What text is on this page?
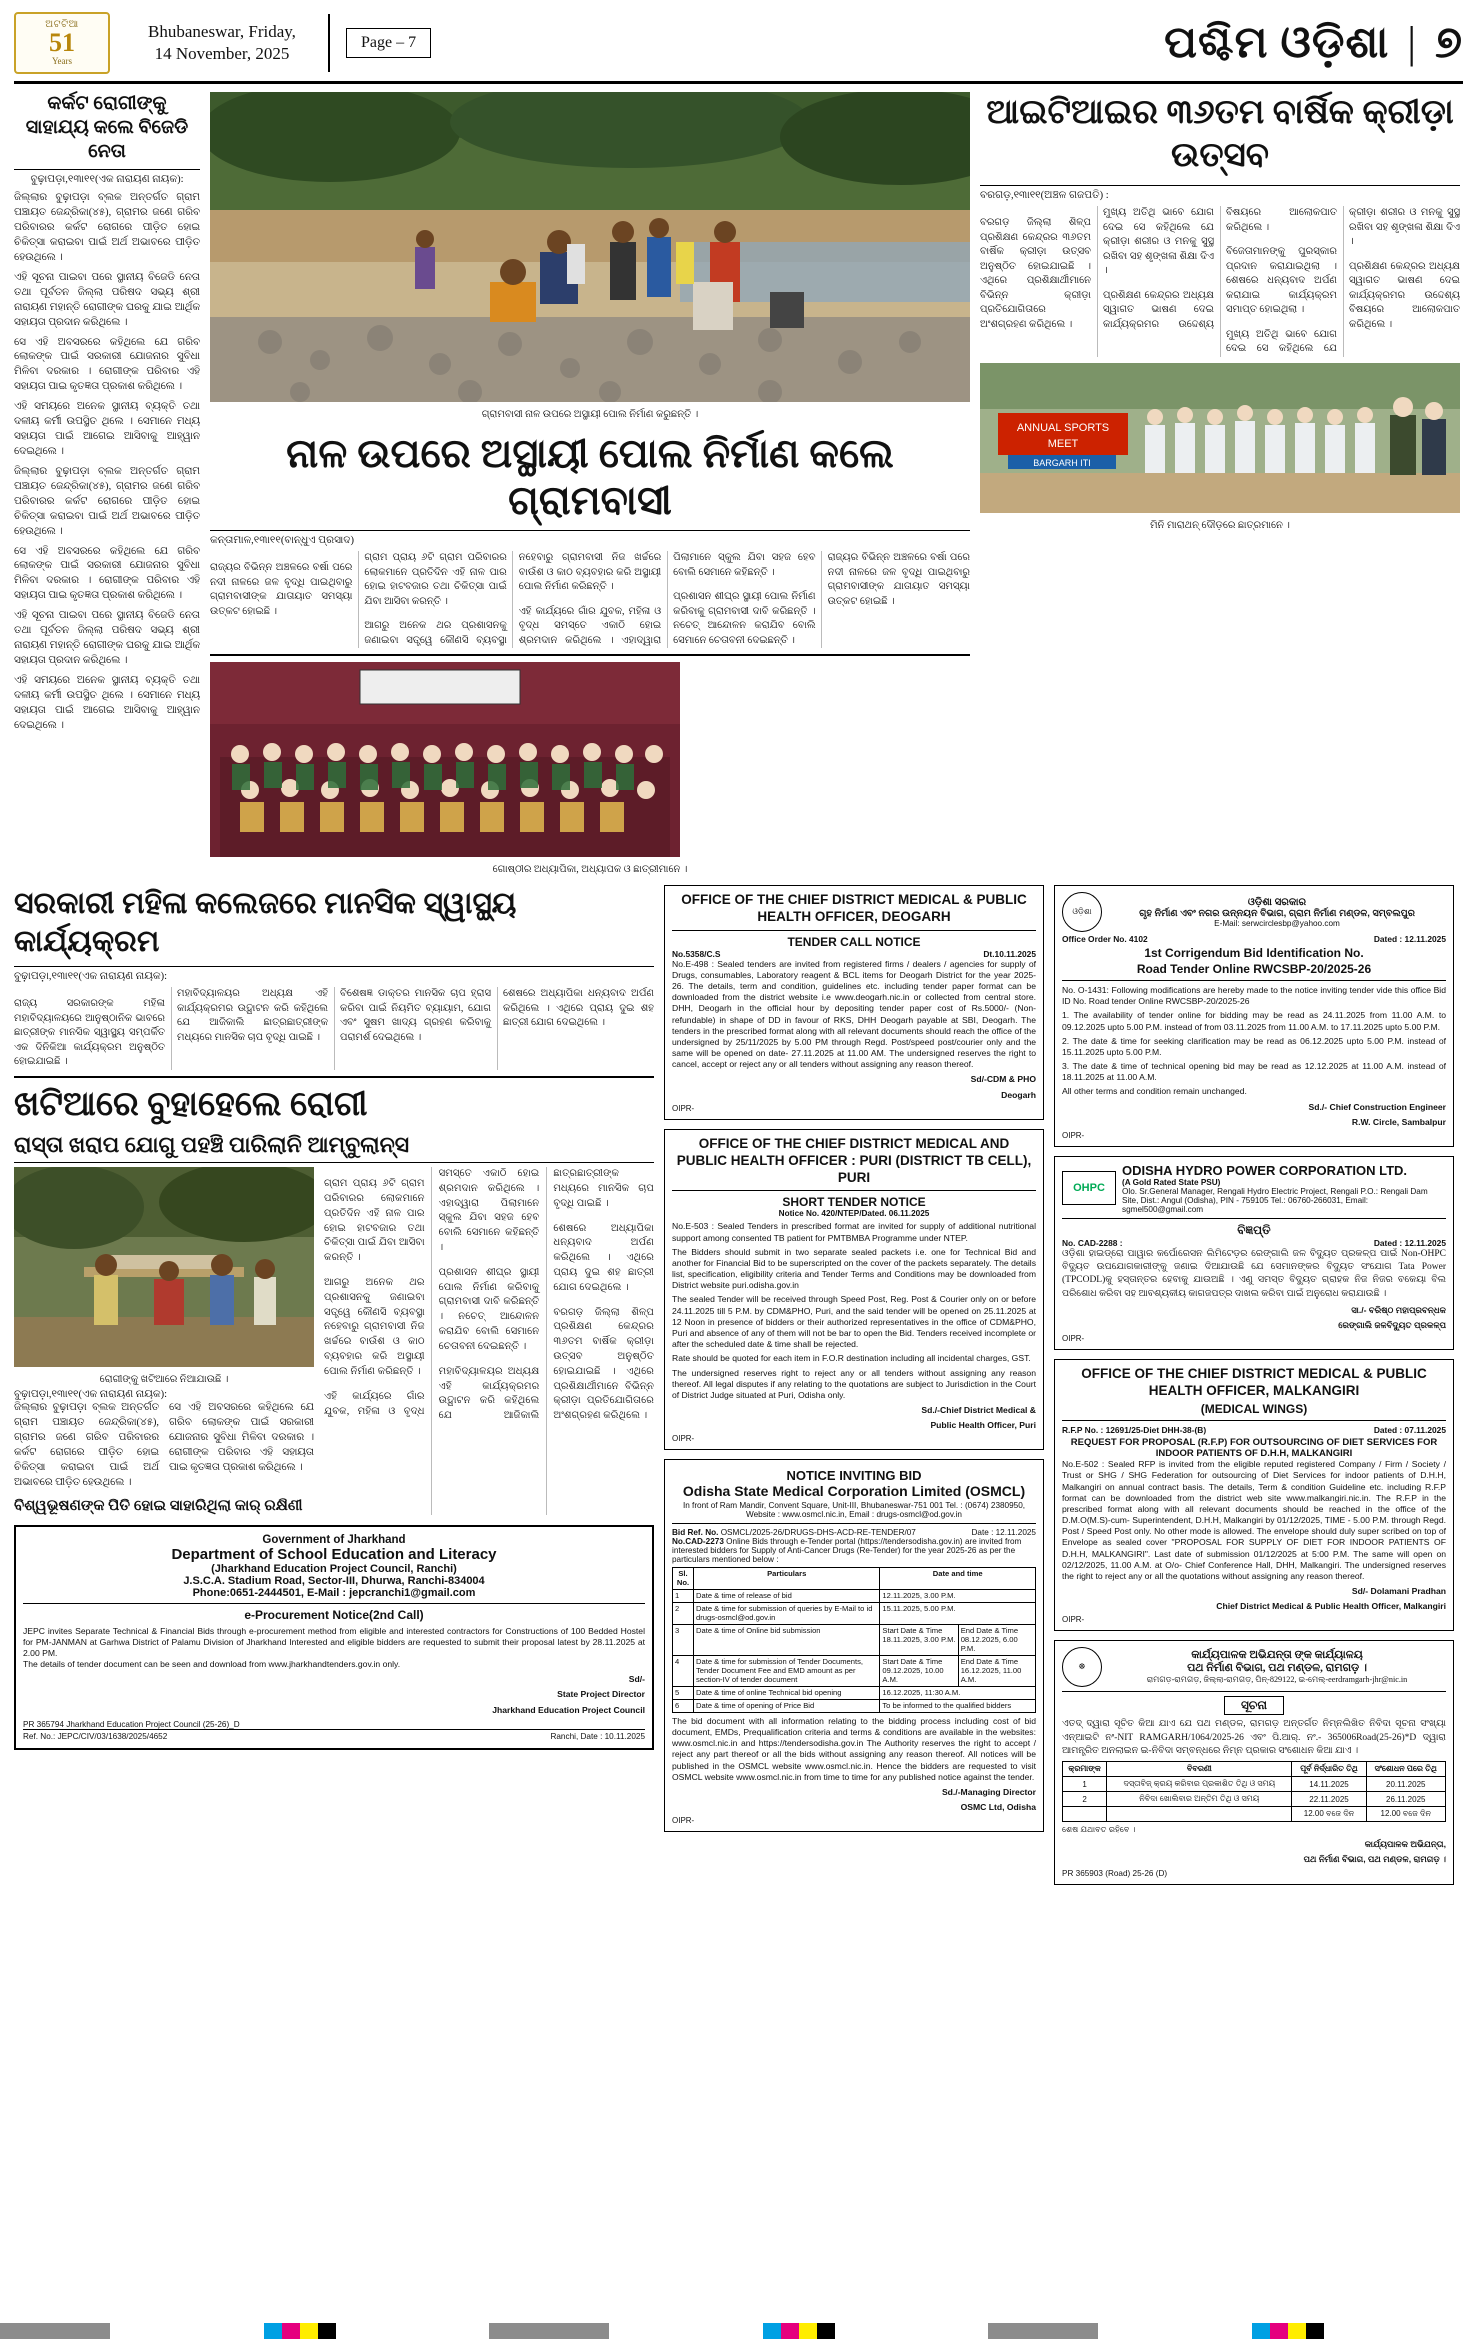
ଅଟଟିଆ
51
Years
Bhubaneswar, Friday,
14 November, 2025
Page – 7	ପଶ୍ଚିମ ଓଡ଼ିଶା | ୭
କର୍କଟ ରୋଗୀଙ୍କୁ ସାହାଯ୍ୟ କଲେ ବିଜେଡି ନେତା
ବୁଢ଼ାପଡ଼ା,୧୩ା୧୧(ଏକ ନାରାୟଣ ନାୟକ):

ଜିଲ୍ଲାର ବୁଢ଼ାପଡ଼ା ବ୍ଲକ ଅନ୍ତର୍ଗତ ଗ୍ରାମ ପଞ୍ଚାୟତ ଜେନ୍ଦ୍ରିକା(୪୫), ଗ୍ରାମର ଜଣେ ଗରିବ ପରିବାରର କର୍କଟ ରୋଗରେ ପୀଡ଼ିତ ହୋଇ ଚିକିତ୍ସା କରାଇବା ପାଇଁ ଅର୍ଥ ଅଭାବରେ ପୀଡ଼ିତ ହେଉଥିଲେ ।

ଏହି ସୂଚନା ପାଇବା ପରେ ସ୍ଥାନୀୟ ବିଜେଡି ନେତା ତଥା ପୂର୍ବତନ ଜିଲ୍ଲା ପରିଷଦ ସଭ୍ୟ ଶ୍ରୀ ନାରାୟଣ ମହାନ୍ତି ରୋଗୀଙ୍କ ଘରକୁ ଯାଇ ଆର୍ଥିକ ସହାୟତା ପ୍ରଦାନ କରିଥିଲେ ।

ସେ ଏହି ଅବସରରେ କହିଥିଲେ ଯେ ଗରିବ ଲୋକଙ୍କ ପାଇଁ ସରକାରୀ ଯୋଜନାର ସୁବିଧା ମିଳିବା ଦରକାର । ରୋଗୀଙ୍କ ପରିବାର ଏହି ସହାୟତା ପାଇ କୃତଜ୍ଞତା ପ୍ରକାଶ କରିଥିଲେ ।

ଏହି ସମୟରେ ଅନେକ ସ୍ଥାନୀୟ ବ୍ୟକ୍ତି ତଥା ଦଳୀୟ କର୍ମୀ ଉପସ୍ଥିତ ଥିଲେ । ସେମାନେ ମଧ୍ୟ ସହାୟତା ପାଇଁ ଆଗେଇ ଆସିବାକୁ ଆହ୍ୱାନ ଦେଇଥିଲେ ।

ଜିଲ୍ଲାର ବୁଢ଼ାପଡ଼ା ବ୍ଲକ ଅନ୍ତର୍ଗତ ଗ୍ରାମ ପଞ୍ଚାୟତ ଜେନ୍ଦ୍ରିକା(୪୫), ଗ୍ରାମର ଜଣେ ଗରିବ ପରିବାରର କର୍କଟ ରୋଗରେ ପୀଡ଼ିତ ହୋଇ ଚିକିତ୍ସା କରାଇବା ପାଇଁ ଅର୍ଥ ଅଭାବରେ ପୀଡ଼ିତ ହେଉଥିଲେ ।

ସେ ଏହି ଅବସରରେ କହିଥିଲେ ଯେ ଗରିବ ଲୋକଙ୍କ ପାଇଁ ସରକାରୀ ଯୋଜନାର ସୁବିଧା ମିଳିବା ଦରକାର । ରୋଗୀଙ୍କ ପରିବାର ଏହି ସହାୟତା ପାଇ କୃତଜ୍ଞତା ପ୍ରକାଶ କରିଥିଲେ ।

ଏହି ସୂଚନା ପାଇବା ପରେ ସ୍ଥାନୀୟ ବିଜେଡି ନେତା ତଥା ପୂର୍ବତନ ଜିଲ୍ଲା ପରିଷଦ ସଭ୍ୟ ଶ୍ରୀ ନାରାୟଣ ମହାନ୍ତି ରୋଗୀଙ୍କ ଘରକୁ ଯାଇ ଆର୍ଥିକ ସହାୟତା ପ୍ରଦାନ କରିଥିଲେ ।

ଏହି ସମୟରେ ଅନେକ ସ୍ଥାନୀୟ ବ୍ୟକ୍ତି ତଥା ଦଳୀୟ କର୍ମୀ ଉପସ୍ଥିତ ଥିଲେ । ସେମାନେ ମଧ୍ୟ ସହାୟତା ପାଇଁ ଆଗେଇ ଆସିବାକୁ ଆହ୍ୱାନ ଦେଇଥିଲେ ।

ଗ୍ରାମବାସୀ ନାଳ ଉପରେ ଅସ୍ଥାୟୀ ପୋଲ ନିର୍ମାଣ କରୁଛନ୍ତି ।
ନାଳ ଉପରେ ଅସ୍ଥାୟୀ ପୋଲ ନିର୍ମାଣ କଲେ ଗ୍ରାମବାସୀ
କନ୍ତାମାଳ,୧୩ା୧୧(ବାନ୍ଧୁଏ ପ୍ରସାଦ)

ରାଜ୍ୟର ବିଭିନ୍ନ ଅଞ୍ଚଳରେ ବର୍ଷା ପରେ ନଦୀ ନାଳରେ ଜଳ ବୃଦ୍ଧି ପାଇଥିବାରୁ ଗ୍ରାମବାସୀଙ୍କ ଯାତାୟାତ ସମସ୍ୟା ଉତ୍କଟ ହୋଇଛି ।

ଗ୍ରାମ ପ୍ରାୟ ୬ଟି ଗ୍ରାମ ପରିବାରର ଲୋକମାନେ ପ୍ରତିଦିନ ଏହି ନାଳ ପାର ହୋଇ ହାଟବଜାର ତଥା ଚିକିତ୍ସା ପାଇଁ ଯିବା ଆସିବା କରନ୍ତି ।

ଆଗରୁ ଅନେକ ଥର ପ୍ରଶାସନକୁ ଜଣାଇବା ସତ୍ତ୍ୱେ କୌଣସି ବ୍ୟବସ୍ଥା ନହେବାରୁ ଗ୍ରାମବାସୀ ନିଜ ଖର୍ଚ୍ଚରେ ବାଉଁଶ ଓ କାଠ ବ୍ୟବହାର କରି ଅସ୍ଥାୟୀ ପୋଲ ନିର୍ମାଣ କରିଛନ୍ତି ।

ଏହି କାର୍ଯ୍ୟରେ ଗାଁର ଯୁବକ, ମହିଳା ଓ ବୃଦ୍ଧ ସମସ୍ତେ ଏକାଠି ହୋଇ ଶ୍ରମଦାନ କରିଥିଲେ । ଏହାଦ୍ୱାରା ପିଲାମାନେ ସ୍କୁଲ ଯିବା ସହଜ ହେବ ବୋଲି ସେମାନେ କହିଛନ୍ତି ।

ପ୍ରଶାସନ ଶୀଘ୍ର ସ୍ଥାୟୀ ପୋଲ ନିର୍ମାଣ କରିବାକୁ ଗ୍ରାମବାସୀ ଦାବି କରିଛନ୍ତି । ନଚେତ୍ ଆନ୍ଦୋଳନ କରାଯିବ ବୋଲି ସେମାନେ ଚେତାବନୀ ଦେଇଛନ୍ତି ।

ରାଜ୍ୟର ବିଭିନ୍ନ ଅଞ୍ଚଳରେ ବର୍ଷା ପରେ ନଦୀ ନାଳରେ ଜଳ ବୃଦ୍ଧି ପାଇଥିବାରୁ ଗ୍ରାମବାସୀଙ୍କ ଯାତାୟାତ ସମସ୍ୟା ଉତ୍କଟ ହୋଇଛି ।

ଗୋଷ୍ଠୀର ଅଧ୍ୟାପିକା, ଅଧ୍ୟାପକ ଓ ଛାତ୍ରୀମାନେ ।
ଆଇଟିଆଇର ୩୬ତମ ବାର୍ଷିକ କ୍ରୀଡ଼ା ଉତ୍ସବ
ବରଗଡ଼,୧୩ା୧୧(ଅଞ୍ଚଳ ଗଜପତି) :

ବରଗଡ଼ ଜିଲ୍ଲା ଶିଳ୍ପ ପ୍ରଶିକ୍ଷଣ କେନ୍ଦ୍ରର ୩୬ତମ ବାର୍ଷିକ କ୍ରୀଡ଼ା ଉତ୍ସବ ଅନୁଷ୍ଠିତ ହୋଇଯାଇଛି । ଏଥିରେ ପ୍ରଶିକ୍ଷାର୍ଥୀମାନେ ବିଭିନ୍ନ କ୍ରୀଡ଼ା ପ୍ରତିଯୋଗିତାରେ ଅଂଶଗ୍ରହଣ କରିଥିଲେ ।

ମୁଖ୍ୟ ଅତିଥି ଭାବେ ଯୋଗ ଦେଇ ସେ କହିଥିଲେ ଯେ କ୍ରୀଡ଼ା ଶରୀର ଓ ମନକୁ ସୁସ୍ଥ ରଖିବା ସହ ଶୃଙ୍ଖଳା ଶିକ୍ଷା ଦିଏ ।

ପ୍ରଶିକ୍ଷଣ କେନ୍ଦ୍ରର ଅଧ୍ୟକ୍ଷ ସ୍ୱାଗତ ଭାଷଣ ଦେଇ କାର୍ଯ୍ୟକ୍ରମର ଉଦ୍ଦେଶ୍ୟ ବିଷୟରେ ଆଲୋକପାତ କରିଥିଲେ ।

ବିଜେତାମାନଙ୍କୁ ପୁରସ୍କାର ପ୍ରଦାନ କରାଯାଇଥିଲା । ଶେଷରେ ଧନ୍ୟବାଦ ଅର୍ପଣ କରାଯାଇ କାର୍ଯ୍ୟକ୍ରମ ସମାପ୍ତ ହୋଇଥିଲା ।

ମୁଖ୍ୟ ଅତିଥି ଭାବେ ଯୋଗ ଦେଇ ସେ କହିଥିଲେ ଯେ କ୍ରୀଡ଼ା ଶରୀର ଓ ମନକୁ ସୁସ୍ଥ ରଖିବା ସହ ଶୃଙ୍ଖଳା ଶିକ୍ଷା ଦିଏ ।

ପ୍ରଶିକ୍ଷଣ କେନ୍ଦ୍ରର ଅଧ୍ୟକ୍ଷ ସ୍ୱାଗତ ଭାଷଣ ଦେଇ କାର୍ଯ୍ୟକ୍ରମର ଉଦ୍ଦେଶ୍ୟ ବିଷୟରେ ଆଲୋକପାତ କରିଥିଲେ ।

ANNUAL SPORTS
MEET
BARGARH ITI
ମିନି ମାରାଥନ୍ ଦୌଡ଼ରେ ଛାତ୍ରମାନେ ।
ସରକାରୀ ମହିଳା କଲେଜରେ ମାନସିକ ସ୍ୱାସ୍ଥ୍ୟ କାର୍ଯ୍ୟକ୍ରମ
ବୁଢ଼ାପଡ଼ା,୧୩ା୧୧(ଏକ ନାରାୟଣ ନାୟକ):

ରାଜ୍ୟ ସରକାରଙ୍କ ମହିଳା ମହାବିଦ୍ୟାଳୟରେ ଆନୁଷ୍ଠାନିକ ଭାବରେ ଛାତ୍ରୀଙ୍କ ମାନସିକ ସ୍ୱାସ୍ଥ୍ୟ ସମ୍ପର୍କିତ ଏକ ଦିନିକିଆ କାର୍ଯ୍ୟକ୍ରମ ଅନୁଷ୍ଠିତ ହୋଇଯାଇଛି ।

ମହାବିଦ୍ୟାଳୟର ଅଧ୍ୟକ୍ଷ ଏହି କାର୍ଯ୍ୟକ୍ରମର ଉଦ୍ଘାଟନ କରି କହିଥିଲେ ଯେ ଆଜିକାଲି ଛାତ୍ରଛାତ୍ରୀଙ୍କ ମଧ୍ୟରେ ମାନସିକ ଚାପ ବୃଦ୍ଧି ପାଇଛି ।

ବିଶେଷଜ୍ଞ ଡାକ୍ତର ମାନସିକ ଚାପ ହ୍ରାସ କରିବା ପାଇଁ ନିୟମିତ ବ୍ୟାୟାମ, ଯୋଗ ଏବଂ ସୁଷମ ଖାଦ୍ୟ ଗ୍ରହଣ କରିବାକୁ ପରାମର୍ଶ ଦେଇଥିଲେ ।

ଶେଷରେ ଅଧ୍ୟାପିକା ଧନ୍ୟବାଦ ଅର୍ପଣ କରିଥିଲେ । ଏଥିରେ ପ୍ରାୟ ଦୁଇ ଶହ ଛାତ୍ରୀ ଯୋଗ ଦେଇଥିଲେ ।

ଖଟିଆରେ ବୁହାହେଲେ ରୋଗୀ
ରାସ୍ତା ଖରାପ ଯୋଗୁ ପହଞ୍ଚି ପାରିଲାନି ଆମ୍ବୁଲାନ୍ସ
ରୋଗୀଙ୍କୁ ଖଟିଆରେ ନିଆଯାଉଛି ।
ବୁଢ଼ାପଡ଼ା,୧୩ା୧୧(ଏକ ନାରାୟଣ ନାୟକ):

ଜିଲ୍ଲାର ବୁଢ଼ାପଡ଼ା ବ୍ଲକ ଅନ୍ତର୍ଗତ ଗ୍ରାମ ପଞ୍ଚାୟତ ଜେନ୍ଦ୍ରିକା(୪୫), ଗ୍ରାମର ଜଣେ ଗରିବ ପରିବାରର କର୍କଟ ରୋଗରେ ପୀଡ଼ିତ ହୋଇ ଚିକିତ୍ସା କରାଇବା ପାଇଁ ଅର୍ଥ ଅଭାବରେ ପୀଡ଼ିତ ହେଉଥିଲେ ।

ସେ ଏହି ଅବସରରେ କହିଥିଲେ ଯେ ଗରିବ ଲୋକଙ୍କ ପାଇଁ ସରକାରୀ ଯୋଜନାର ସୁବିଧା ମିଳିବା ଦରକାର । ରୋଗୀଙ୍କ ପରିବାର ଏହି ସହାୟତା ପାଇ କୃତଜ୍ଞତା ପ୍ରକାଶ କରିଥିଲେ ।

ବିଶ୍ୱଭୂଷଣଙ୍କ ପିତି ହୋଇ ସାହାରିଥିଲା କାର୍ ରକ୍ଷିଣୀ

ଗ୍ରାମ ପ୍ରାୟ ୬ଟି ଗ୍ରାମ ପରିବାରର ଲୋକମାନେ ପ୍ରତିଦିନ ଏହି ନାଳ ପାର ହୋଇ ହାଟବଜାର ତଥା ଚିକିତ୍ସା ପାଇଁ ଯିବା ଆସିବା କରନ୍ତି ।

ଆଗରୁ ଅନେକ ଥର ପ୍ରଶାସନକୁ ଜଣାଇବା ସତ୍ତ୍ୱେ କୌଣସି ବ୍ୟବସ୍ଥା ନହେବାରୁ ଗ୍ରାମବାସୀ ନିଜ ଖର୍ଚ୍ଚରେ ବାଉଁଶ ଓ କାଠ ବ୍ୟବହାର କରି ଅସ୍ଥାୟୀ ପୋଲ ନିର୍ମାଣ କରିଛନ୍ତି ।

ଏହି କାର୍ଯ୍ୟରେ ଗାଁର ଯୁବକ, ମହିଳା ଓ ବୃଦ୍ଧ ସମସ୍ତେ ଏକାଠି ହୋଇ ଶ୍ରମଦାନ କରିଥିଲେ । ଏହାଦ୍ୱାରା ପିଲାମାନେ ସ୍କୁଲ ଯିବା ସହଜ ହେବ ବୋଲି ସେମାନେ କହିଛନ୍ତି ।

ପ୍ରଶାସନ ଶୀଘ୍ର ସ୍ଥାୟୀ ପୋଲ ନିର୍ମାଣ କରିବାକୁ ଗ୍ରାମବାସୀ ଦାବି କରିଛନ୍ତି । ନଚେତ୍ ଆନ୍ଦୋଳନ କରାଯିବ ବୋଲି ସେମାନେ ଚେତାବନୀ ଦେଇଛନ୍ତି ।

ମହାବିଦ୍ୟାଳୟର ଅଧ୍ୟକ୍ଷ ଏହି କାର୍ଯ୍ୟକ୍ରମର ଉଦ୍ଘାଟନ କରି କହିଥିଲେ ଯେ ଆଜିକାଲି ଛାତ୍ରଛାତ୍ରୀଙ୍କ ମଧ୍ୟରେ ମାନସିକ ଚାପ ବୃଦ୍ଧି ପାଇଛି ।

ଶେଷରେ ଅଧ୍ୟାପିକା ଧନ୍ୟବାଦ ଅର୍ପଣ କରିଥିଲେ । ଏଥିରେ ପ୍ରାୟ ଦୁଇ ଶହ ଛାତ୍ରୀ ଯୋଗ ଦେଇଥିଲେ ।

ବରଗଡ଼ ଜିଲ୍ଲା ଶିଳ୍ପ ପ୍ରଶିକ୍ଷଣ କେନ୍ଦ୍ରର ୩୬ତମ ବାର୍ଷିକ କ୍ରୀଡ଼ା ଉତ୍ସବ ଅନୁଷ୍ଠିତ ହୋଇଯାଇଛି । ଏଥିରେ ପ୍ରଶିକ୍ଷାର୍ଥୀମାନେ ବିଭିନ୍ନ କ୍ରୀଡ଼ା ପ୍ରତିଯୋଗିତାରେ ଅଂଶଗ୍ରହଣ କରିଥିଲେ ।

Government of Jharkhand
Department of School Education and Literacy
(Jharkhand Education Project Council, Ranchi)
J.S.C.A. Stadium Road, Sector-III, Dhurwa, Ranchi-834004
Phone:0651-2444501, E-Mail : jepcranchi1@gmail.com
e-Procurement Notice(2nd Call)
JEPC invites Separate Technical & Financial Bids through e-procurement method from eligible and interested contractors for Constructions of 100 Bedded Hostel for PM-JANMAN at Garhwa District of Palamu Division of Jharkhand Interested and eligible bidders are requested to submit their proposal latest by 28.11.2025 at 2.00 PM.
The details of tender document can be seen and download from www.jharkhandtenders.gov.in only.
Sd/-
State Project Director
Jharkhand Education Project Council
PR 365794 Jharkhand Education Project Council (25-26)_D
Ref. No.: JEPC/CIV/03/1638/2025/4652	Ranchi, Date : 10.11.2025
OFFICE OF THE CHIEF DISTRICT MEDICAL & PUBLIC HEALTH OFFICER, DEOGARH
TENDER CALL NOTICE
No.5358/C.S	Dt.10.11.2025
No.E-498 : Sealed tenders are invited from registered firms / dealers / agencies for supply of Drugs, consumables, Laboratory reagent & BCL items for Deogarh District for the year 2025-26. The details, term and condition, guidelines etc. including tender paper format can be downloaded from the district website i.e www.deogarh.nic.in or collected from central store. DHH, Deogarh in the official hour by depositing tender paper cost of Rs.5000/- (Non-refundable) in shape of DD in favour of RKS, DHH Deogarh payable at SBI, Deogarh. The tenders in the prescribed format along with all relevant documents should reach the office of the undersigned by 25/11/2025 by 5.00 PM through Regd. Post/speed post/courier only and the same will be opened on date- 27.11.2025 at 11.00 AM. The undersigned reserves the right to cancel, accept or reject any or all tenders without assigning any reason thereof.
Sd/-CDM & PHO
Deogarh
OIPR-
OFFICE OF THE CHIEF DISTRICT MEDICAL AND PUBLIC HEALTH OFFICER : PURI (DISTRICT TB CELL), PURI
SHORT TENDER NOTICE
Notice No. 420/NTEP/Dated. 06.11.2025

No.E-503 : Sealed Tenders in prescribed format are invited for supply of additional nutritional support among consented TB patient for PMTBMBA Programme under NTEP.

The Bidders should submit in two separate sealed packets i.e. one for Technical Bid and another for Financial Bid to be superscripted on the cover of the packets separately. The details list, specification, eligibility criteria and Tender Terms and Conditions may be downloaded from District website puri.odisha.gov.in

The sealed Tender will be received through Speed Post, Reg. Post & Courier only on or before 24.11.2025 till 5 P.M. by CDM&PHO, Puri, and the said tender will be opened on 25.11.2025 at 12 Noon in presence of bidders or their authorized representatives in the office of CDM&PHO, Puri and absence of any of them will not be bar to open the Bid. Tenders received incomplete or after the scheduled date & time shall be rejected.

Rate should be quoted for each item in F.O.R destination including all incidental charges, GST.

The undersigned reserves right to reject any or all tenders without assigning any reason thereof. All legal disputes if any relating to the quotations are subject to Jurisdiction in the Court of District Judge situated at Puri, Odisha only.

Sd./-Chief District Medical &
Public Health Officer, Puri
OIPR-
NOTICE INVITING BID
Odisha State Medical Corporation Limited (OSMCL)
In front of Ram Mandir, Convent Square, Unit-III, Bhubaneswar-751 001 Tel. : (0674) 2380950, Website : www.osmcl.nic.in, Email : drugs-osmcl@od.gov.in
Bid Ref. No. OSMCL/2025-26/DRUGS-DHS-ACD-RE-TENDER/07	Date : 12.11.2025
No.CAD-2273 Online Bids through e-Tender portal (https://tendersodisha.gov.in) are invited from interested bidders for Supply of Anti-Cancer Drugs (Re-Tender) for the year 2025-26 as per the particulars mentioned below :
Sl. No.	Particulars	Date and time	
1	Date & time of release of bid	12.11.2025, 3.00 P.M.	
2	Date & time for submission of queries by E-Mail to id drugs-osmcl@od.gov.in	15.11.2025, 5.00 P.M.	
3	Date & time of Online bid submission	Start Date & Time 18.11.2025, 3.00 P.M.	End Date & Time 08.12.2025, 6.00 P.M.
4	Date & time for submission of Tender Documents, Tender Document Fee and EMD amount as per section-IV of tender document	Start Date & Time 09.12.2025, 10.00 A.M.	End Date & Time 16.12.2025, 11.00 A.M.
5	Date & time of online Technical bid opening	16.12.2025, 11:30 A.M.	
6	Date & time of opening of Price Bid	To be informed to the qualified bidders	
The bid document with all information relating to the bidding process including cost of bid document, EMDs, Prequalification criteria and terms & conditions are available in the websites: www.osmcl.nic.in and https://tendersodisha.gov.in The Authority reserves the right to accept / reject any part thereof or all the bids without assigning any reason thereof. All notices will be published in the OSMCL website www.osmcl.nic.in. Hence the bidders are requested to visit OSMCL website www.osmcl.nic.in from time to time for any published notice against the tender.
Sd./-Managing Director
OSMC Ltd, Odisha
OIPR-
ଓଡ଼ିଶା
ଓଡ଼ିଶା ସରକାର
ଗୃହ ନିର୍ମାଣ ଏବଂ ନଗର ଉନ୍ନୟନ ବିଭାଗ, ଗ୍ରାମ ନିର୍ମାଣ ମଣ୍ଡଳ, ସମ୍ବଲପୁର
E-Mail: serwcirclesbp@yahoo.com
Office Order No. 4102	Dated : 12.11.2025
1st Corrigendum Bid Identification No.
Road Tender Online RWCSBP-20/2025-26

No. O-1431: Following modifications are hereby made to the notice inviting tender vide this office Bid ID No. Road tender Online RWCSBP-20/2025-26

1. The availability of tender online for bidding may be read as 24.11.2025 from 11.00 A.M. to 09.12.2025 upto 5.00 P.M. instead of from 03.11.2025 from 11.00 A.M. to 17.11.2025 upto 5.00 P.M.

2. The date & time for seeking clarification may be read as 06.12.2025 upto 5.00 P.M. instead of 15.11.2025 upto 5.00 P.M.

3. The date & time of technical opening bid may be read as 12.12.2025 at 11.00 A.M. instead of 18.11.2025 at 11.00 A.M.

All other terms and condition remain unchanged.

Sd./- Chief Construction Engineer
R.W. Circle, Sambalpur
OIPR-
OHPC
ODISHA HYDRO POWER CORPORATION LTD.
(A Gold Rated State PSU)
Olo. Sr.General Manager, Rengali Hydro Electric Project, Rengali P.O.: Rengali Dam Site, Dist.: Angul (Odisha), PIN - 759105 Tel.: 06760-266031, Email: sgmel500@gmail.com
ବିଜ୍ଞପ୍ତି
No. CAD-2288 :	Dated : 12.11.2025
ଓଡ଼ିଶା ହାଇଡ୍ରୋ ପାୱାର କର୍ପୋରେସନ ଲିମିଟେଡ଼ର ରେଙ୍ଗାଲି ଜଳ ବିଦ୍ୟୁତ ପ୍ରକଳ୍ପ ପାଇଁ Non-OHPC ବିଦ୍ୟୁତ ଉପଯୋଗକାରୀଙ୍କୁ ଜଣାଇ ଦିଆଯାଉଛି ଯେ ସେମାନଙ୍କର ବିଦ୍ୟୁତ ସଂଯୋଗ Tata Power (TPCODL)କୁ ହସ୍ତାନ୍ତର ହେବାକୁ ଯାଉଅଛି । ଏଣୁ ସମସ୍ତ ବିଦ୍ୟୁତ ଗ୍ରାହକ ନିଜ ନିଜର ବକେୟା ବିଲ ପରିଶୋଧ କରିବା ସହ ଆବଶ୍ୟକୀୟ କାଗଜପତ୍ର ଦାଖଲ କରିବା ପାଇଁ ଅନୁରୋଧ କରାଯାଉଛି ।
ସା./- ବରିଷ୍ଠ ମହାପ୍ରବନ୍ଧକ
ରେଙ୍ଗାଲି ଜଳବିଦ୍ୟୁତ ପ୍ରକଳ୍ପ
OIPR-
OFFICE OF THE CHIEF DISTRICT MEDICAL & PUBLIC HEALTH OFFICER, MALKANGIRI
(MEDICAL WINGS)
R.F.P No. : 12691/25-Diet DHH-38-(B)	Dated : 07.11.2025
REQUEST FOR PROPOSAL (R.F.P) FOR OUTSOURCING OF DIET SERVICES FOR INDOOR PATIENTS OF D.H.H, MALKANGIRI
No.E-502 : Sealed RFP is invited from the eligible reputed registered Company / Firm / Society / Trust or SHG / SHG Federation for outsourcing of Diet Services for indoor patients of D.H.H, Malkangiri on annual contract basis. The details, Term & condition Guideline etc. including R.F.P format can be downloaded from the district web site www.malkangiri.nic.in. The R.F.P in the prescribed format along with all relevant documents should be reached in the office of the D.M.O(M.S)-cum- Superintendent, D.H.H, Malkangiri by 01/12/2025, TIME - 5.00 P.M. through Regd. Post / Speed Post only. No other mode is allowed. The envelope should duly super scribed on top of Envelope as sealed cover "PROPOSAL FOR SUPPLY OF DIET FOR INDOOR PATIENTS OF D.H.H, MALKANGIRI". Last date of submission 01/12/2025 at 5:00 P.M. The same will open on 02/12/2025, 11.00 A.M. at O/o- Chief Conference Hall, DHH, Malkangiri. The undersigned reserves the right to reject any or all the quotations without assigning any reason thereof.
Sd/- Dolamani Pradhan
Chief District Medical & Public Health Officer, Malkangiri
OIPR-
☸
କାର୍ଯ୍ୟପାଳକ ଅଭିଯନ୍ତା ଙ୍କ କାର୍ଯ୍ୟାଳୟ
ପଥ ନିର୍ମାଣ ବିଭାଗ, ପଥ ମଣ୍ଡଳ, ରାମଗଡ଼ ।
ରାମଗଡ଼-ରାମଗଡ଼, ଜିଲ୍ଲା-ରାମଗଡ଼, ପିନ୍-829122, ଇ-ମେଲ୍-eerdramgarh-jhr@nic.in
ସୂଚନା
ଏତଦ୍ ଦ୍ୱାରା ସୂଚିତ କିଆ ଯାଏ ଯେ ପଥ ମଣ୍ଡଳ, ରାମଗଡ଼ ଅନ୍ତର୍ଗତ ନିମ୍ନଲିଖିତ ନିବିଦା ସୂଚନା ସଂଖ୍ୟା ଏନ୍ଆଇଟି ନଂ-NIT RAMGARH/1064/2025-26 ଏବଂ ପି.ଆର୍. ନଂ.- 365006Road(25-26)*D ଦ୍ୱାରା ଆମନ୍ତ୍ରିତ ଅନଲାଇନ ଇ-ନିବିଦା ସମ୍ବନ୍ଧରେ ନିମ୍ନ ପ୍ରକାର ସଂଶୋଧନ କିଆ ଯାଏ ।
କ୍ରମାଙ୍କ	ବିବରଣୀ	ପୂର୍ବ ନିର୍ଦ୍ଧାରିତ ତିଥି	ସଂଶୋଧନ ପରେ ତିଥି
1	ଦସ୍ତାବିଜ୍ କ୍ରୟ କରିବାର ପ୍ରକାଶିତ ତିଥି ଓ ସମୟ	14.11.2025	20.11.2025
2	ନିବିଦା ଖୋଲିବାର ଅନ୍ତିମ ତିଥି ଓ ସମୟ	22.11.2025	26.11.2025
		12.00 ବଜେ ଦିନ	12.00 ବଜେ ଦିନ
ଶେଷ ଯଥାବତ ରହିବେ ।
କାର୍ଯ୍ୟପାଳକ ଅଭିଯନ୍ତା,
ପଥ ନିର୍ମାଣ ବିଭାଗ, ପଥ ମଣ୍ଡଳ, ରାମଗଡ଼ ।
PR 365903 (Road) 25-26 (D)
